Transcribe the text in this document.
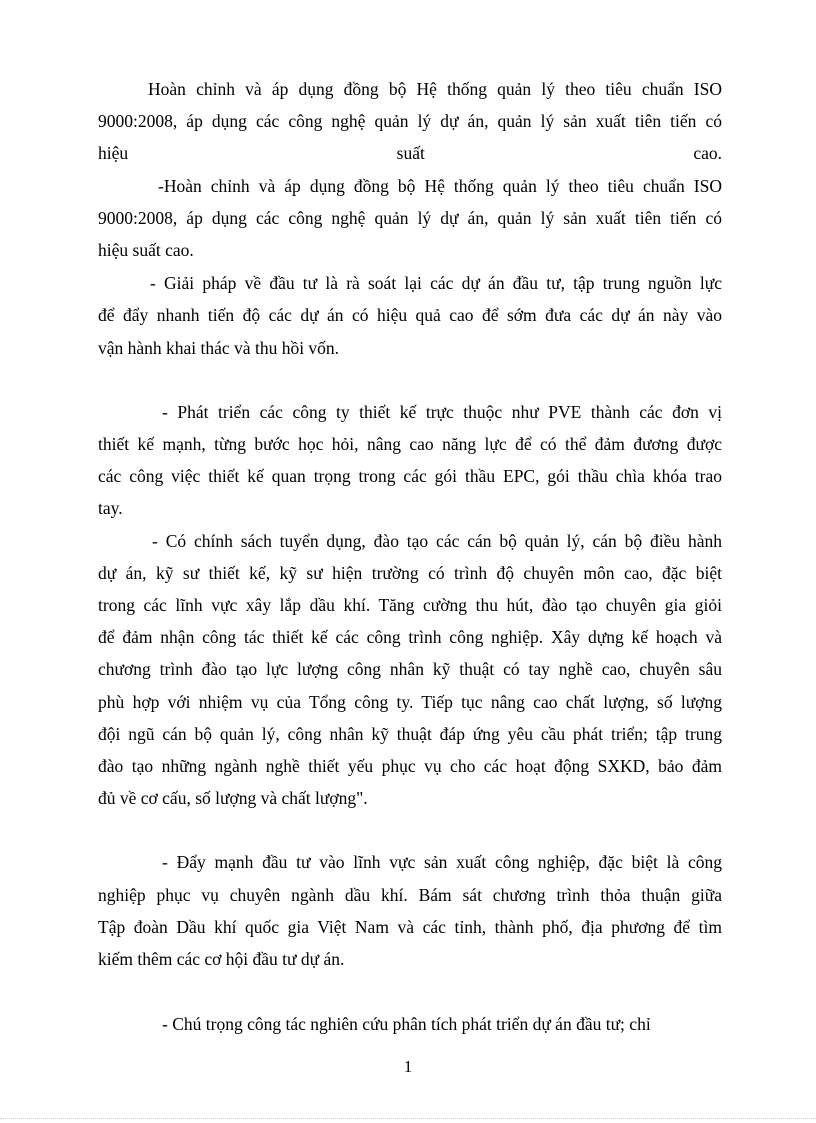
Hoàn chỉnh và áp dụng đồng bộ Hệ thống quản lý theo tiêu chuẩn ISO
9000:2008, áp dụng các công nghệ quản lý dự án, quản lý sản xuất tiên tiến có
hiệu suất cao.
-Hoàn chỉnh và áp dụng đồng bộ Hệ thống quản lý theo tiêu chuẩn ISO
9000:2008, áp dụng các công nghệ quản lý dự án, quản lý sản xuất tiên tiến có
hiệu suất cao.
- Giải pháp về đầu tư là rà soát lại các dự án đầu tư, tập trung nguồn lực
để đẩy nhanh tiến độ các dự án có hiệu quả cao để sớm đưa các dự án này vào
vận hành khai thác và thu hồi vốn.
- Phát triển các công ty thiết kế trực thuộc như PVE thành các đơn vị
thiết kế mạnh, từng bước học hỏi, nâng cao năng lực để có thể đảm đương được
các công việc thiết kế quan trọng trong các gói thầu EPC, gói thầu chìa khóa trao
tay.
- Có chính sách tuyển dụng, đào tạo các cán bộ quản lý, cán bộ điều hành
dự án, kỹ sư thiết kế, kỹ sư hiện trường có trình độ chuyên môn cao, đặc biệt
trong các lĩnh vực xây lắp dầu khí. Tăng cường thu hút, đào tạo chuyên gia giỏi
để đảm nhận công tác thiết kế các công trình công nghiệp. Xây dựng kế hoạch và
chương trình đào tạo lực lượng công nhân kỹ thuật có tay nghề cao, chuyên sâu
phù hợp với nhiệm vụ của Tổng công ty. Tiếp tục nâng cao chất lượng, số lượng
đội ngũ cán bộ quản lý, công nhân kỹ thuật đáp ứng yêu cầu phát triển; tập trung
đào tạo những ngành nghề thiết yếu phục vụ cho các hoạt động SXKD, bảo đảm
đủ về cơ cấu, số lượng và chất lượng".
- Đẩy mạnh đầu tư vào lĩnh vực sản xuất công nghiệp, đặc biệt là công
nghiệp phục vụ chuyên ngành dầu khí. Bám sát chương trình thỏa thuận giữa
Tập đoàn Dầu khí quốc gia Việt Nam và các tỉnh, thành phố, địa phương để tìm
kiếm thêm các cơ hội đầu tư dự án.
- Chú trọng công tác nghiên cứu phân tích phát triển dự án đầu tư; chỉ
1
